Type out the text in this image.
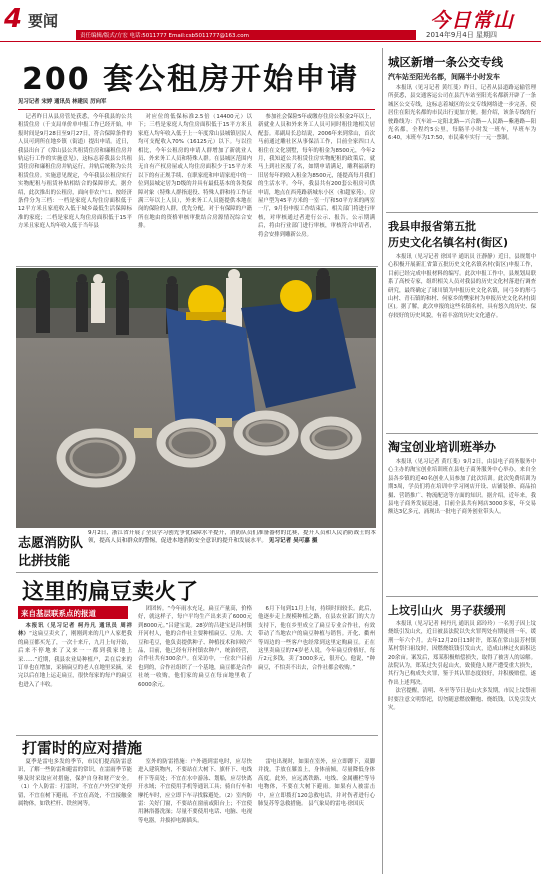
4 要闻
责任编辑/版式/方宏 电话:5011777 Email:csb5011777@163.com
今日常山
2014年9月4日 星期四
200 套公租房开始申请
见习记者 宋婷 通讯员 林建民 厉向军

记者昨日从县房管处获悉，今年我县的公共租赁住房（千支局单价单申报工作已经开始，申报时间是9月28日至9月27日，符合保障条件的人员可到所在地乡镇（街道）提出申请。近日，我县出台了《常山县公共租赁住房和廉租住房并轨运行工作的实施意见》，这标志着我县公共租赁住房和廉租住房并轨运行，并轨后统称为公共租赁住房。实施意见规定，今年我县公租房实行实物配租与租赁补贴相结合的保障形式。据介绍，此次推出的公租房，面向非农户口、按经济条件分为三档：一档是家庭人均住房面积低于12平方米且家庭收入低于城乡最低生活保障标准的家庭；二档是家庭人均住房面积低于15平方米且家庭人均年收入低于当年县

对应位的低保标准2.5倍（14400元）以下；三档是家庭人均住房面积低于15平方米且家庭人均年收入低于上一年度常山县城镇居民人均可支配收入70%（16125元）以下。与以往相比，今年公租房的申请人群增加了新就业人员、外来务工人员和特殊人群。在县城区范围内无自有产权房屋或人均住房面积少于15平方米以下的有正规手续、在职家庭和申请家庭中的一位到县城定居为D级的并具有最低基本的各类保障对象（特殊人群指退役、特殊人群和持工作证满三年以上人员），外来务工人员能提供本地在岗的保险的人群，优先分配。对于有保障的户籍所在地由的资格审核审批结合房源情况综合安排。

参加社会保险5年或缴存住房公积金2年以上，新就业人员和外来务工人员可同时租住地相关居配套。邓副局长总结说，2006年来到常山，首次马前通过雕社区从事保洁工作，目前全家四口人租住在文化别墅，每年的租金为8500元，今年2月，我知道公共租赁住房实物配租的政策后，就马上到社区报了名，如期申请满足，雕利福新的旧居每年的收入租金为8500元，能提高每月我们的生活水平。今年，我县共有200套公租房可供申请，地点在西苑路新城东小区（和超家苑），房屋户型为45平方米的一室一厅和50平方米的两室一厅，9月份申报工作结束后，相关部门将进行审核，对审核通过者进行公示、报告，公示期满后，将由行业部门进行审核，审核符合申请者，将会安排到雕新公房。

9月2日，浙江省开展了全员学习创先争优保障水平提升，消防队员们准备器材的比赛，提升人员和人民消防战士的本领，提高人员和群众的警惕，促进本地消防安全意识的提升和发展水平。 见习记者 吴可嘉 摄
志愿消防队
比拼技能
这里的扁豆卖火了
来自基层联系点的报道

本报讯（见习记者 柯丹凡 通讯员 周祥林）“这扁豆卖火了，刚刚到来的几户人家把我的扁豆都买光了，一次十来斤，九月上旬开始，后来不停地来了又来一一都到我家地上采……”近期，我县农业局种植户，丢在后来的订单也在增加，采摘扁豆的老人在地里采摘，采完以后在地上运走扁豆，很快每家的每户的扁豆也进入了丰收。

团团转。“今年雨水充足，扁豆产量高，价格好，就这样子，每户平均生产出来卖了6000元到8000元。”吕建宝说。28岁的吕建宝是吕村镇开河村人，他的合作社主要种植扁豆、豆角、大豆和毛豆，他负责提供种子、种植技术和回收产品，目前，他已经有开村镇农种户，统治经营，合作社共有300余户。在采访中，一位农户吕前也到的，合作社组织了一个基地，扁豆都是合作社统一收购，他们家的扁豆在每亩地里收了6000余元。

6月下旬到11月上旬，持续时间较长。此后，他逐步走上规模种植之路，在县农业部门的大力支持下，他在乡里成立了扁豆专业合作社，有效带动了当地农户的扁豆种植与销售。开化、衢州等周边的一些客户也经常到这里定购扁豆。正在这里卖扁豆的74岁老人说，今年扁豆价格好，每斤2元多钱，卖了3000多元，很开心。他说，“种扁豆，不怕卖不出去，合作社都会收购。”

打雷时的应对措施

夏季是雷电多发的季节，市民们提高防雷意识，了解一些防雷和避雷的常识，在雷雨季节能够及时采取应对措施，保护自身和财产安全。（1）个人防雷：打雷时，不宜在户外空旷处停留，不宜在树下避雨，不宜在高处，不宜接触金属物体，如铁栏杆、铁丝网等。

室外的防雷措施：户外遇到雷电时，应尽快进入建筑物内，不要站在大树下、旗杆下、电线杆下等高处；不宜在水中游泳、划船，应尽快离开水域；不宜使用手机等通讯工具；骑自行车和摩托车时，应立即下车寻找躲避处。（2）室内防雷：关好门窗，不要站在窗前或阳台上；不宜使用淋浴器洗澡；尽量不要使用电话、电脑、电视等电器，并拔掉电源插头。

雷电出现时，如果在室外，应立即蹲下，双脚并拢，手放在膝盖上，身体前倾，尽量降低身体高度。此外，应远离铁路、电线、金属栅栏等导电物体，不要在大树下避雨。如果有人被雷击中，应立即拨打120急救电话，并对伤者进行心肺复苏等急救措施。 县气象局的雷电·徐国庆

城区新增一条公交专线
汽车站至阳光名都，间隔半小时发车

本报讯（见习记者 黄红斐）昨日，记者从县道路运输管理所获悉，县交通客运公司在县汽车站至阳光名都新开辟了一条城区公交专线，这标志着城区的公交专线网络进一步完善，使居住在阳光名都的市民出行更加方便。据介绍，该条专线的行驶路线为：汽车站—定阳北路—兴合路—人民路—紫港路—阳光名都，全程约5公里，每隔半小时发一班车，早班车为6:40，末班车为17:50，市民乘车实行一元一票制。

我县申报省第五批
历史文化名镇名村(街区)

本报讯（见习记者 徐国平 通讯员 汪静静）近日，县规划中心积极开展新汇省第五批历史文化名镇名村(街区)申报工作，目前已经完成申报材料的编写。此次申报工作中，县规划局联系了高校专家，组织相关人员对我县的历史文化村落进行调查研究，最终确定了球川镇为申报历史文化名镇，同弓乡的彤弓山村、青石镇的和村、何家乡的樊家村为申报历史文化名村(街区)。据了解，此次申报的这些名镇名村，具有悠久的历史、保存较好的历史风貌，有着丰富的历史文化遗存。

淘宝创业培训班举办

本报讯（见习记者 黄红斐）9月2日，由县电子商务服务中心主办的淘宝创业培训班在县电子商务服务中心举办，来自全县各乡镇的近40名创业人员参加了此次培训。此次免费培训为期3周，学员们将在培训中学习网店开设、店铺装修、商品拍摄、营销推广、物流配送等方面的知识。据介绍，近年来，我县电子商务发展迅速，目前全县共有网店3000多家，年交易额达3亿多元，涌现出一批电子商务创业带头人。

上坟引山火  男子获缓刑

本报讯（见习记者 柯丹凡 通讯员 邱玲玲）一名男子因上坟烧纸引发山火，近日被县法院以失火罪判处有期徒刑一年，缓刑一年六个月。去年12月20日13时许，郑某在常山县芳村镇某村祭扫祖坟时，因燃烧纸钱引发山火，造成山林过火面积达20余亩。案发后，郑某积极赔偿损失，取得了被害人的谅解。法院认为，郑某过失引起山火，致使他人财产遭受重大损失，其行为已构成失火罪，鉴于其认罪态度较好，并积极赔偿，遂作出上述判决。

法官提醒，清明、冬至等节日是山火多发期，市民上坟祭祖时要注意文明祭祀，切勿随意燃放鞭炮、烧纸钱，以免引发火灾。
